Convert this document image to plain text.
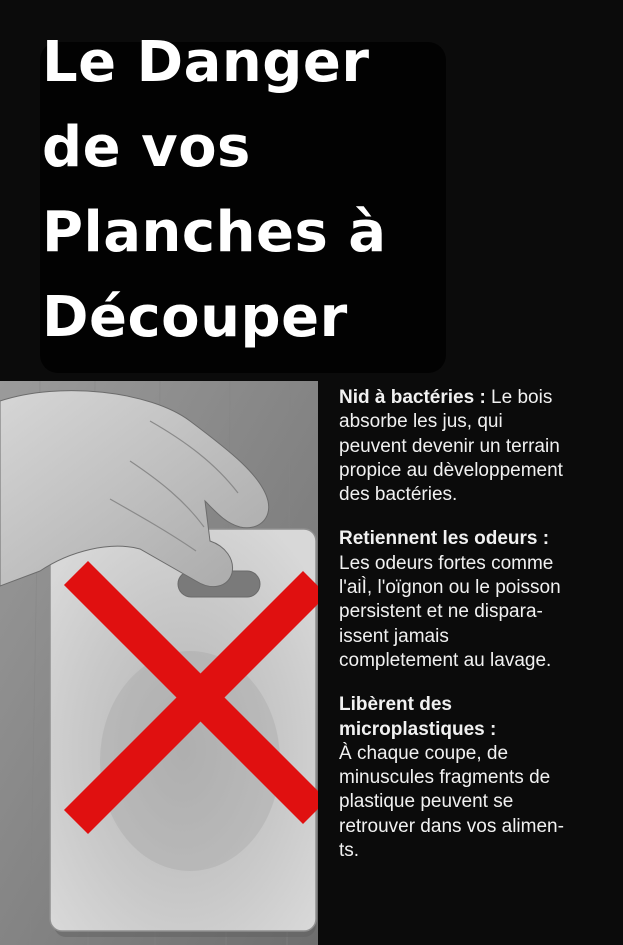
Le Danger
de vos
Planches à
Découper

Nid à bactéries : Le bois
absorbe les jus, qui
peuvent devenir un terrain
propice au dèveloppement
des bactéries.

Retiennent les odeurs :
Les odeurs fortes comme
l'aiÌ, l'oïgnon ou le poisson
persistent et ne dispara-
issent jamais
completement au lavage.

Libèrent des
microplastiques :
À chaque coupe, de
minuscules fragments de
plastique peuvent se
retrouver dans vos alimen-
ts.
